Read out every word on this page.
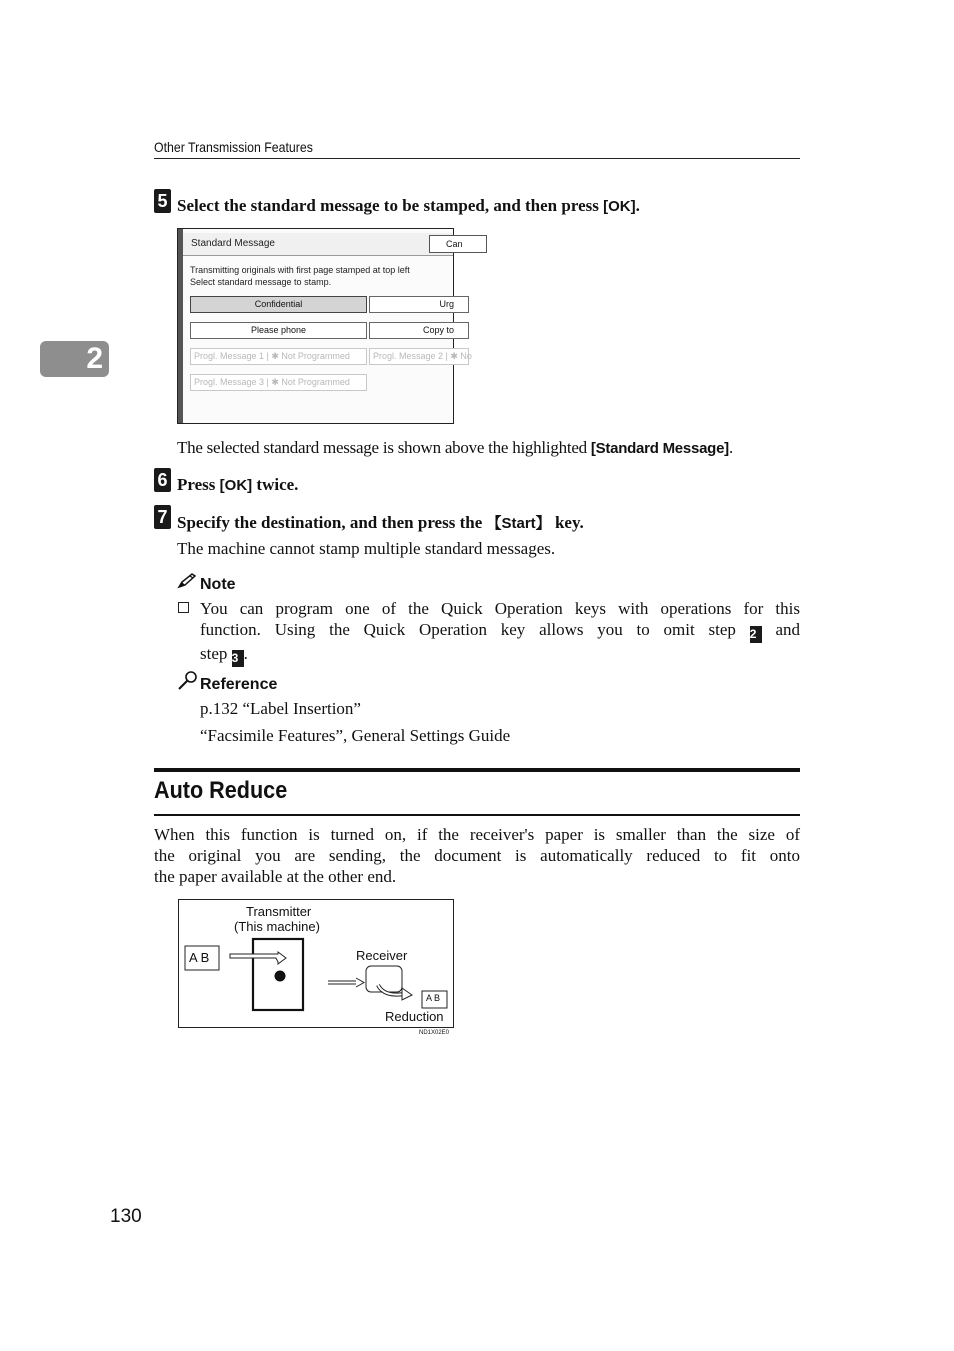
Other Transmission Features
2
5 Select the standard message to be stamped, and then press [OK].
Standard Message	Can
Transmitting originals with first page stamped at top left
Select standard message to stamp.
Confidential	Urg
Please phone	Copy to
Progl. Message 1 | ✱ Not Programmed	Progl. Message 2 | ✱ No
Progl. Message 3 | ✱ Not Programmed
The selected standard message is shown above the highlighted [Standard Message].
6 Press [OK] twice.
7 Specify the destination, and then press the 【Start】 key.
The machine cannot stamp multiple standard messages.
Note
You can program one of the Quick Operation keys with operations for this
function. Using the Quick Operation key allows you to omit step 2 and
step 3 .
Reference
p.132 “Label Insertion”
“Facsimile Features”, General Settings Guide
Auto Reduce
When this function is turned on, if the receiver's paper is smaller than the size of
the original you are sending, the document is automatically reduced to fit onto
the paper available at the other end.
Transmitter
(This machine)
A B	Receiver
A B
Reduction
ND1X02E0
130
